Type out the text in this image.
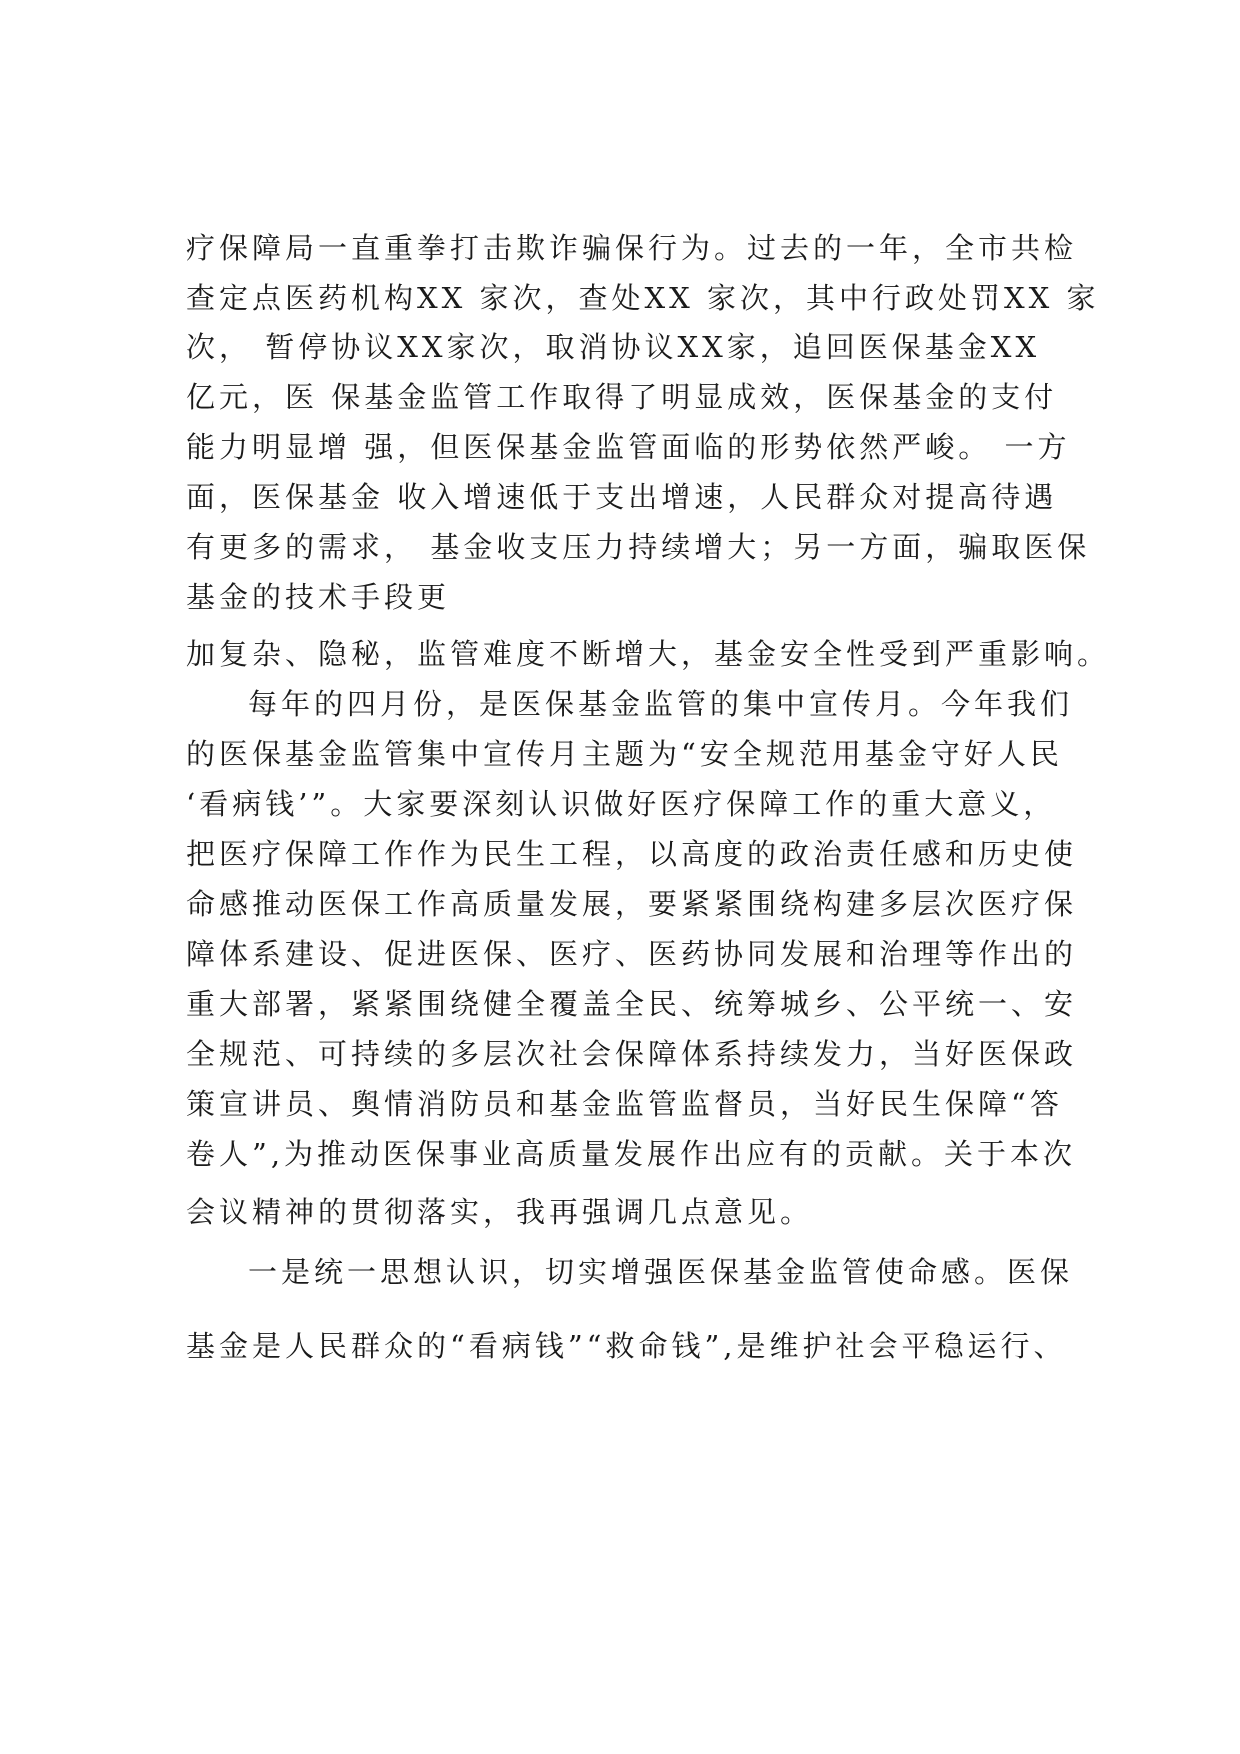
疗保障局一直重拳打击欺诈骗保行为。过去的一年，全市共检
查定点医药机构XX 家次，查处XX 家次，其中行政处罚XX 家
次， 暂停协议XX家次，取消协议XX家，追回医保基金XX
亿元，医 保基金监管工作取得了明显成效，医保基金的支付
能力明显增 强，但医保基金监管面临的形势依然严峻。 一方
面，医保基金 收入增速低于支出增速，人民群众对提高待遇
有更多的需求， 基金收支压力持续增大；另一方面，骗取医保
基金的技术手段更
加复杂、隐秘，监管难度不断增大，基金安全性受到严重影响。
每年的四月份，是医保基金监管的集中宣传月。今年我们
的医保基金监管集中宣传月主题为“安全规范用基金守好人民
‘看病钱’”。大家要深刻认识做好医疗保障工作的重大意义，
把医疗保障工作作为民生工程，以高度的政治责任感和历史使
命感推动医保工作高质量发展，要紧紧围绕构建多层次医疗保
障体系建设、促进医保、医疗、医药协同发展和治理等作出的
重大部署，紧紧围绕健全覆盖全民、统筹城乡、公平统一、安
全规范、可持续的多层次社会保障体系持续发力，当好医保政
策宣讲员、舆情消防员和基金监管监督员，当好民生保障“答
卷人”,为推动医保事业高质量发展作出应有的贡献。关于本次
会议精神的贯彻落实，我再强调几点意见。
一是统一思想认识，切实增强医保基金监管使命感。医保
基金是人民群众的“看病钱”“救命钱”,是维护社会平稳运行、
